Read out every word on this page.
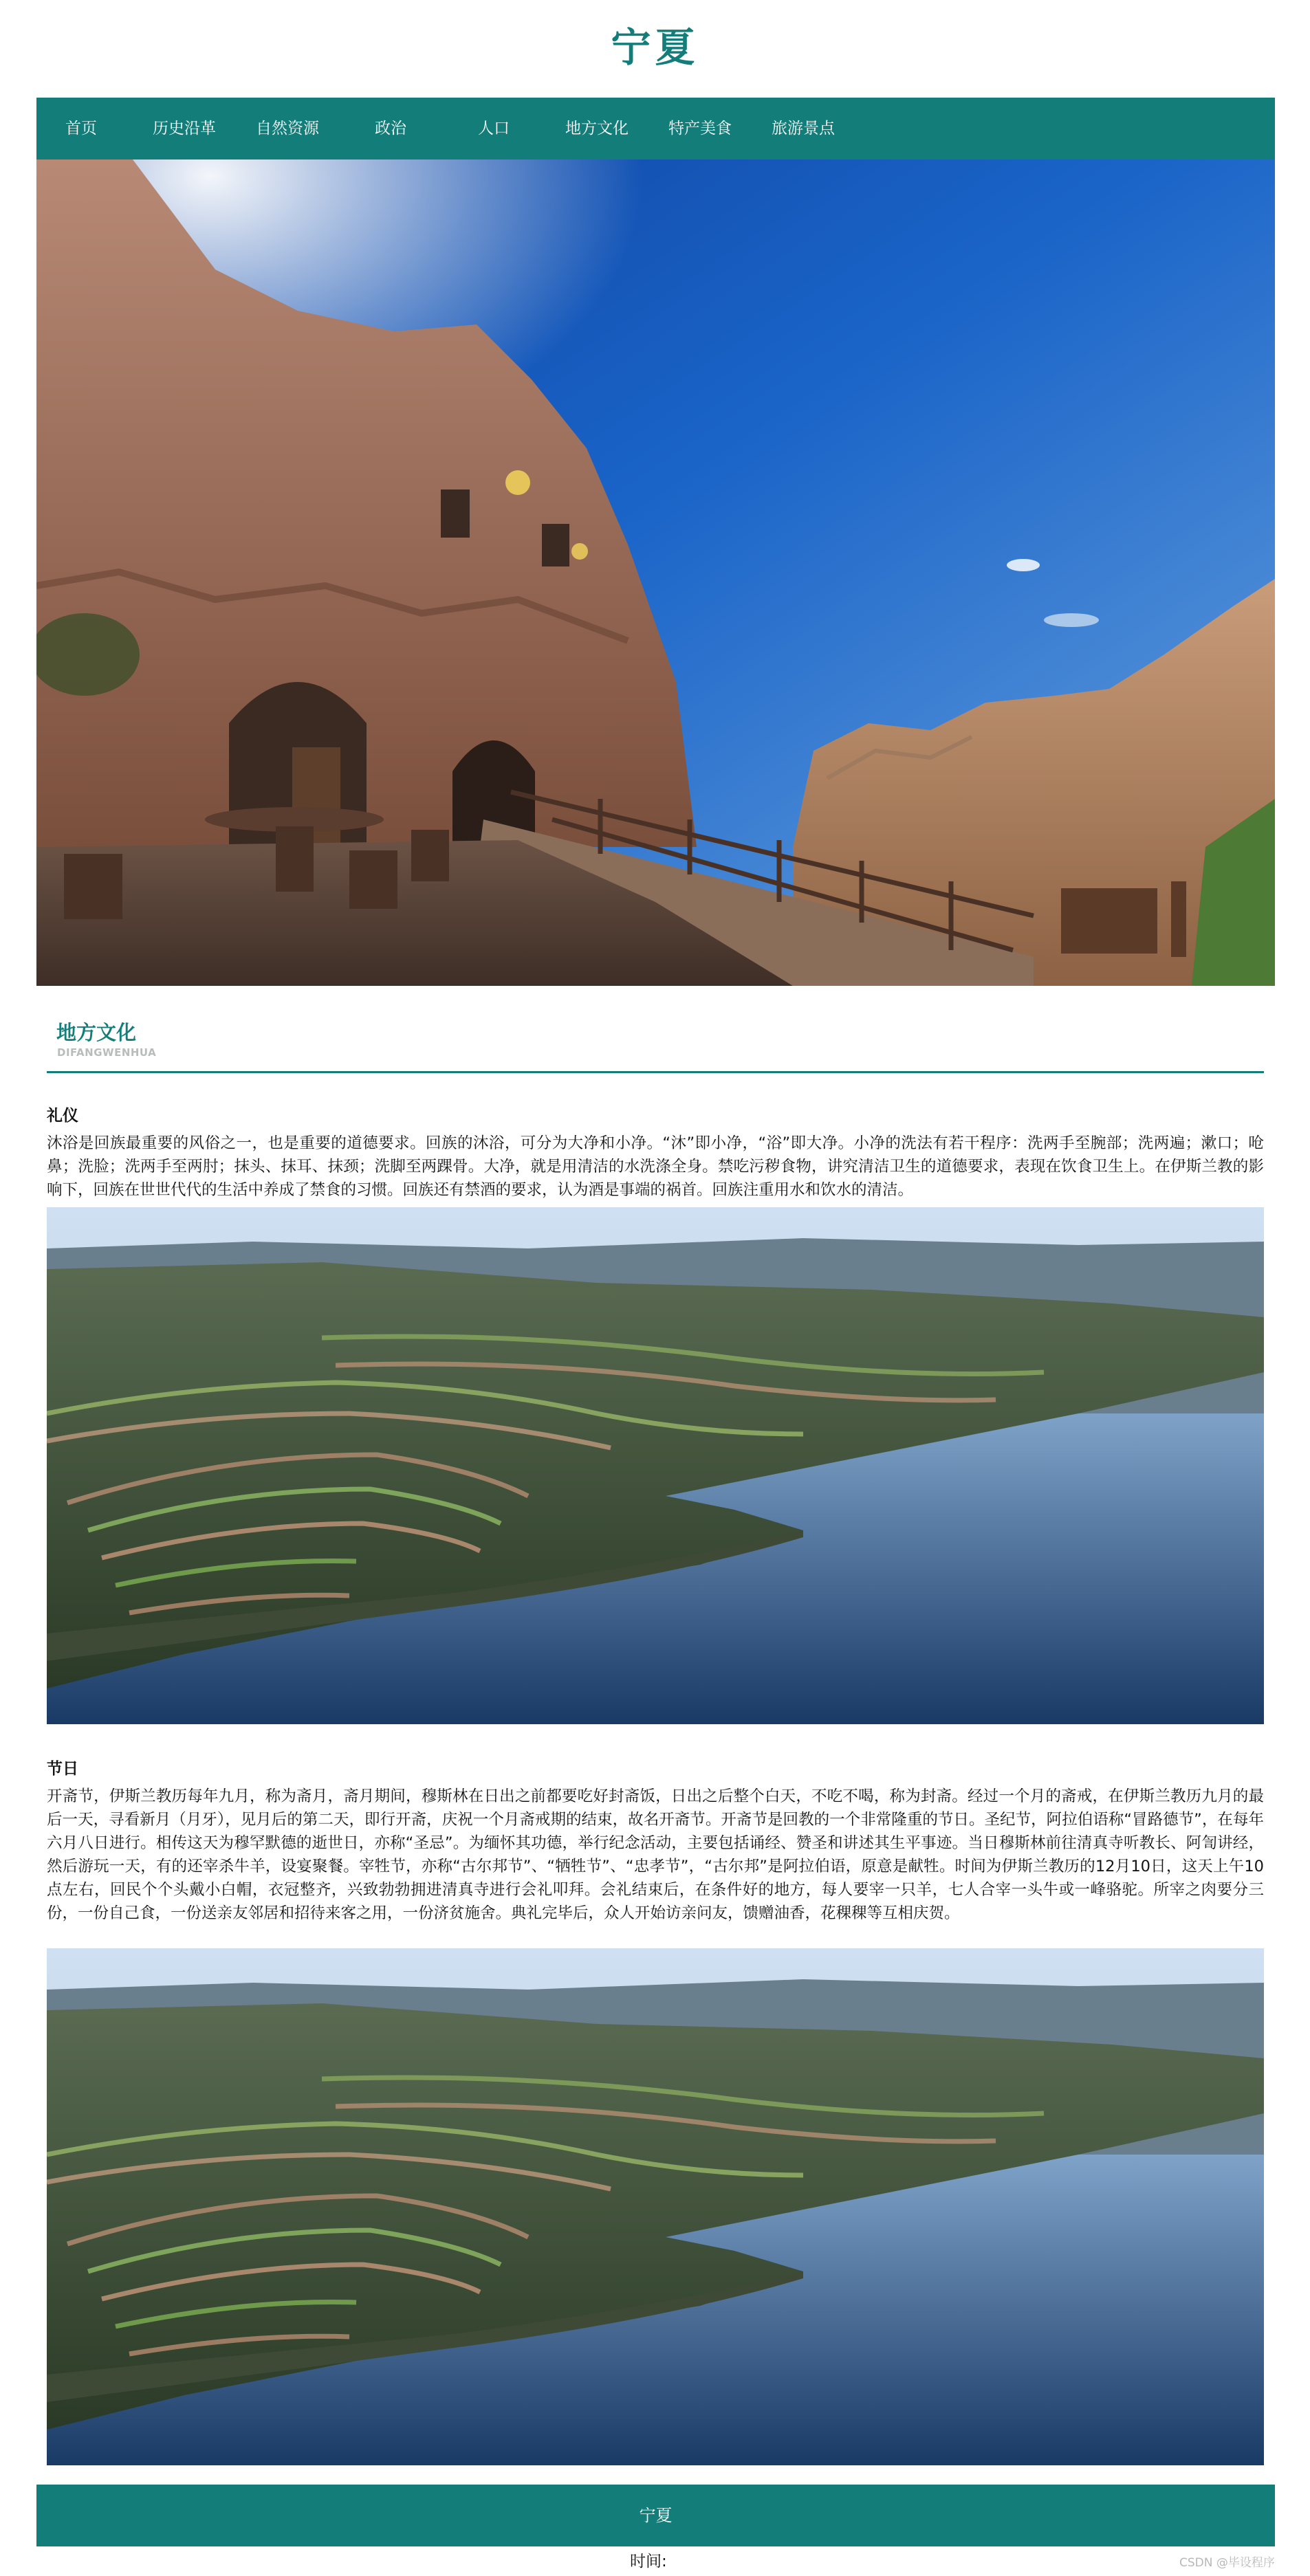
宁夏
首页	历史沿革	自然资源	政治	人口	地方文化	特产美食	旅游景点
地方文化
DIFANGWENHUA
礼仪
沐浴是回族最重要的风俗之一，也是重要的道德要求。回族的沐浴，可分为大净和小净。“沐”即小净，“浴”即大净。小净的洗法有若干程序：洗两手至腕部；洗两遍；漱口；呛鼻；洗脸；洗两手至两肘；抹头、抹耳、抹颈；洗脚至两踝骨。大净，就是用清洁的水洗涤全身。禁吃污秽食物，讲究清洁卫生的道德要求，表现在饮食卫生上。在伊斯兰教的影响下，回族在世世代代的生活中养成了禁食的习惯。回族还有禁酒的要求，认为酒是事端的祸首。回族注重用水和饮水的清洁。
节日
开斋节，伊斯兰教历每年九月，称为斋月，斋月期间，穆斯林在日出之前都要吃好封斋饭，日出之后整个白天，不吃不喝，称为封斋。经过一个月的斋戒，在伊斯兰教历九月的最后一天，寻看新月（月牙），见月后的第二天，即行开斋，庆祝一个月斋戒期的结束，故名开斋节。开斋节是回教的一个非常隆重的节日。圣纪节，阿拉伯语称“冒路德节”，在每年六月八日进行。相传这天为穆罕默德的逝世日，亦称“圣忌”。为缅怀其功德，举行纪念活动，主要包括诵经、赞圣和讲述其生平事迹。当日穆斯林前往清真寺听教长、阿訇讲经，然后游玩一天，有的还宰杀牛羊，设宴聚餐。宰牲节，亦称“古尔邦节”、“牺牲节”、“忠孝节”，“古尔邦”是阿拉伯语，原意是献牲。时间为伊斯兰教历的12月10日，这天上午10点左右，回民个个头戴小白帽，衣冠整齐，兴致勃勃拥进清真寺进行会礼叩拜。会礼结束后，在条件好的地方，每人要宰一只羊，七人合宰一头牛或一峰骆驼。所宰之肉要分三份，一份自己食，一份送亲友邻居和招待来客之用，一份济贫施舍。典礼完毕后，众人开始访亲问友，馈赠油香，花稞稞等互相庆贺。
宁夏
时间:	CSDN @毕设程序
